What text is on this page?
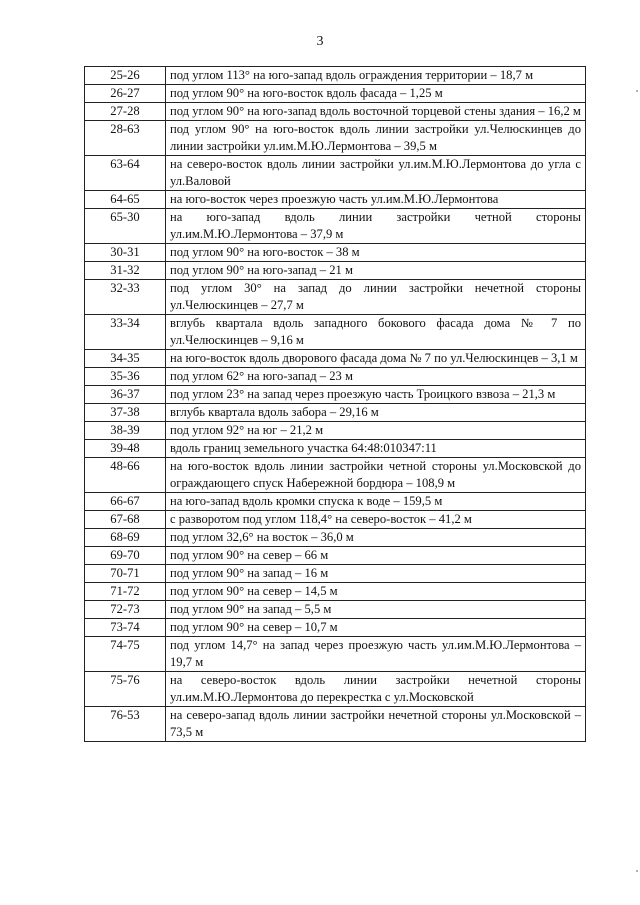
3
25-26	под углом 113° на юго-запад вдоль ограждения территории – 18,7 м
26-27	под углом 90° на юго-восток вдоль фасада – 1,25 м
27-28	под углом 90° на юго-запад вдоль восточной торцевой стены здания – 16,2 м
28-63	под углом 90° на юго-восток вдоль линии застройки ул.Челюскинцев до линии застройки ул.им.М.Ю.Лермонтова – 39,5 м
63-64	на северо-восток вдоль линии застройки ул.им.М.Ю.Лермонтова до угла с ул.Валовой
64-65	на юго-восток через проезжую часть ул.им.М.Ю.Лермонтова
65-30	на юго-запад вдоль линии застройки четной стороны ул.им.М.Ю.Лермонтова – 37,9 м
30-31	под углом 90° на юго-восток – 38 м
31-32	под углом 90° на юго-запад – 21 м
32-33	под углом 30° на запад до линии застройки нечетной стороны ул.Челюскинцев – 27,7 м
33-34	вглубь квартала вдоль западного бокового фасада дома № 7 по ул.Челюскинцев – 9,16 м
34-35	на юго-восток вдоль дворового фасада дома № 7 по ул.Челюскинцев – 3,1 м
35-36	под углом 62° на юго-запад – 23 м
36-37	под углом 23° на запад через проезжую часть Троицкого взвоза – 21,3 м
37-38	вглубь квартала вдоль забора – 29,16 м
38-39	под углом 92° на юг – 21,2 м
39-48	вдоль границ земельного участка 64:48:010347:11
48-66	на юго-восток вдоль линии застройки четной стороны ул.Московской до ограждающего спуск Набережной бордюра – 108,9 м
66-67	на юго-запад вдоль кромки спуска к воде – 159,5 м
67-68	с разворотом под углом 118,4° на северо-восток – 41,2 м
68-69	под углом 32,6° на восток – 36,0 м
69-70	под углом 90° на север – 66 м
70-71	под углом 90° на запад – 16 м
71-72	под углом 90° на север – 14,5 м
72-73	под углом 90° на запад – 5,5 м
73-74	под углом 90° на север – 10,7 м
74-75	под углом 14,7° на запад через проезжую часть ул.им.М.Ю.Лермонтова – 19,7 м
75-76	на северо-восток вдоль линии застройки нечетной стороны ул.им.М.Ю.Лермонтова до перекрестка с ул.Московской
76-53	на северо-запад вдоль линии застройки нечетной стороны ул.Московской – 73,5 м
